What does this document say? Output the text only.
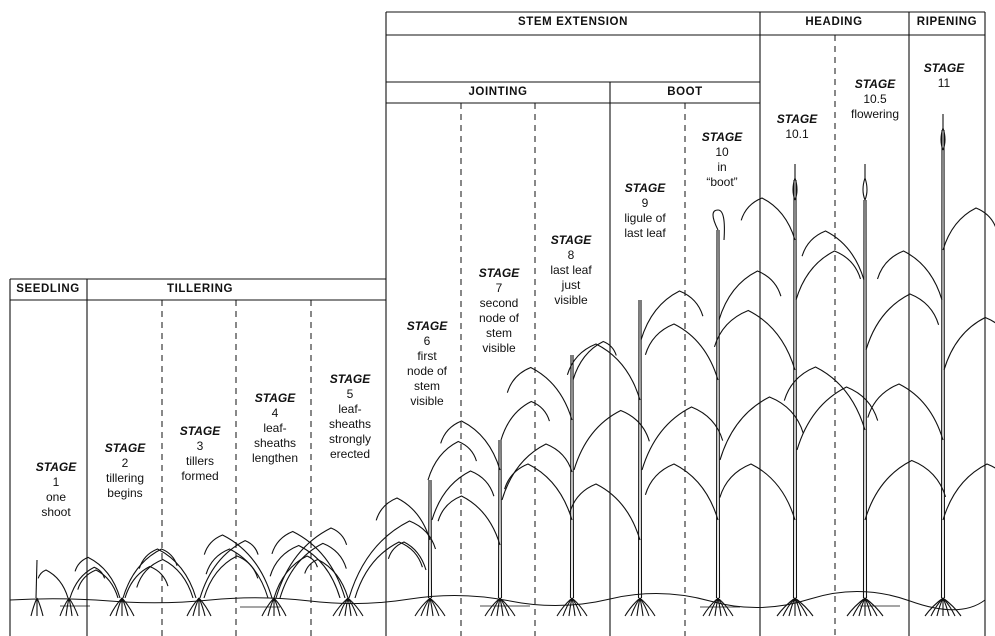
SEEDLING	TILLERING
STEM EXTENSION
JOINTING	BOOT
HEADING	RIPENING
STAGE
1
one
shoot
STAGE
2
tillering
begins
STAGE
3
tillers
formed
STAGE
4
leaf-
sheaths
lengthen
STAGE
5
leaf-
sheaths
strongly
erected
STAGE
6
first
node of
stem
visible
STAGE
7
second
node of
stem
visible
STAGE
8
last leaf
just
visible
STAGE
9
ligule of
last leaf
STAGE
10
in
“boot”
STAGE
10.1
STAGE
10.5
flowering
STAGE
11
